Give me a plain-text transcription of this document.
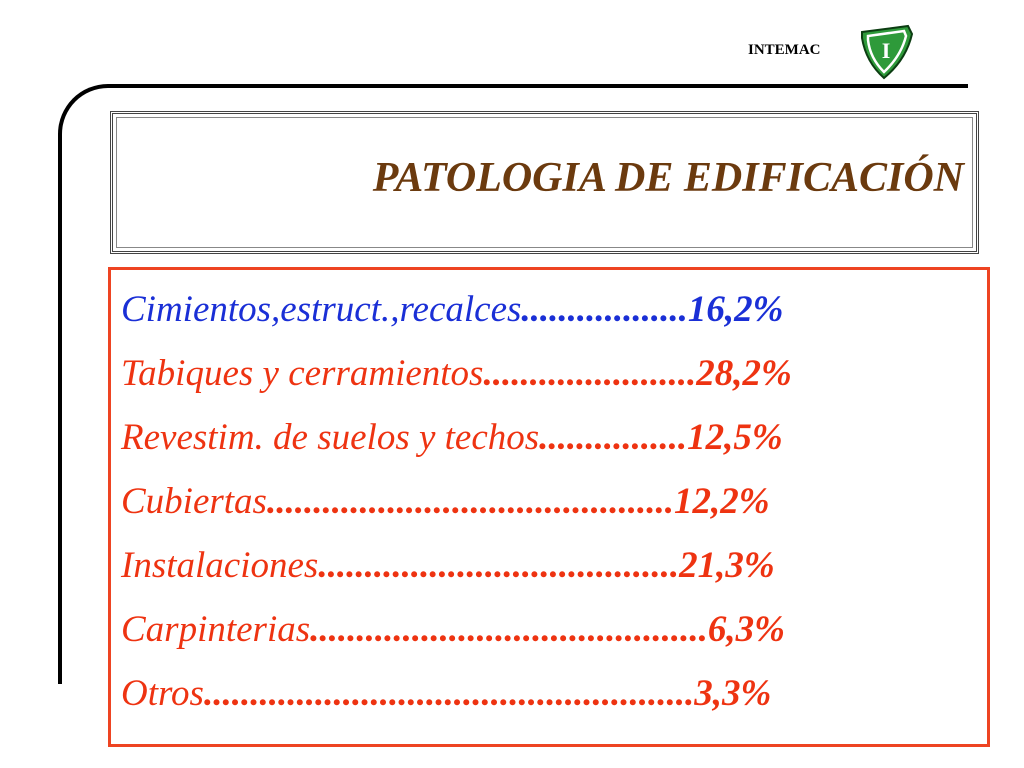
INTEMAC	I
PATOLOGIA DE EDIFICACIÓN
Cimientos,estruct.,recalces..................16,2%
Tabiques y cerramientos.......................28,2%
Revestim. de suelos y techos................12,5%
Cubiertas............................................12,2%
Instalaciones.......................................21,3%
Carpinterias...........................................6,3%
Otros.....................................................3,3%
